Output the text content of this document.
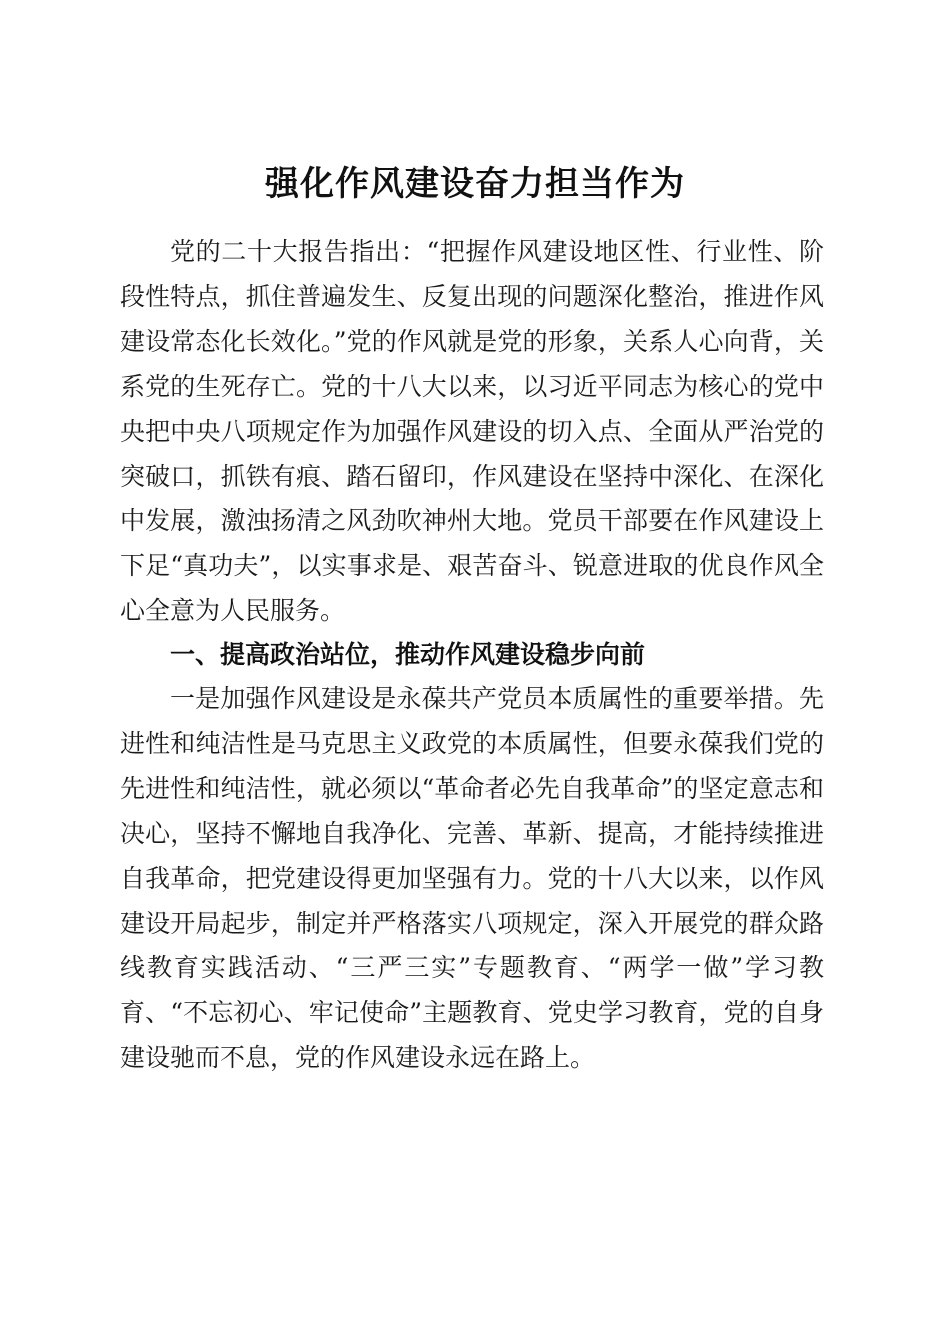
强化作风建设奋力担当作为

党的二十大报告指出：“把握作风建设地区性、行业性、阶段性特点，抓住普遍发生、反复出现的问题深化整治，推进作风建设常态化长效化。”党的作风就是党的形象，关系人心向背，关系党的生死存亡。党的十八大以来，以习近平同志为核心的党中央把中央八项规定作为加强作风建设的切入点、全面从严治党的突破口，抓铁有痕、踏石留印，作风建设在坚持中深化、在深化中发展，激浊扬清之风劲吹神州大地。党员干部要在作风建设上下足“真功夫”，以实事求是、艰苦奋斗、锐意进取的优良作风全心全意为人民服务。

一、提高政治站位，推动作风建设稳步向前

一是加强作风建设是永葆共产党员本质属性的重要举措。先进性和纯洁性是马克思主义政党的本质属性，但要永葆我们党的先进性和纯洁性，就必须以“革命者必先自我革命”的坚定意志和决心，坚持不懈地自我净化、完善、革新、提高，才能持续推进自我革命，把党建设得更加坚强有力。党的十八大以来，以作风建设开局起步，制定并严格落实八项规定，深入开展党的群众路线教育实践活动、“三严三实”专题教育、“两学一做”学习教育、“不忘初心、牢记使命”主题教育、党史学习教育，党的自身建设驰而不息，党的作风建设永远在路上。
